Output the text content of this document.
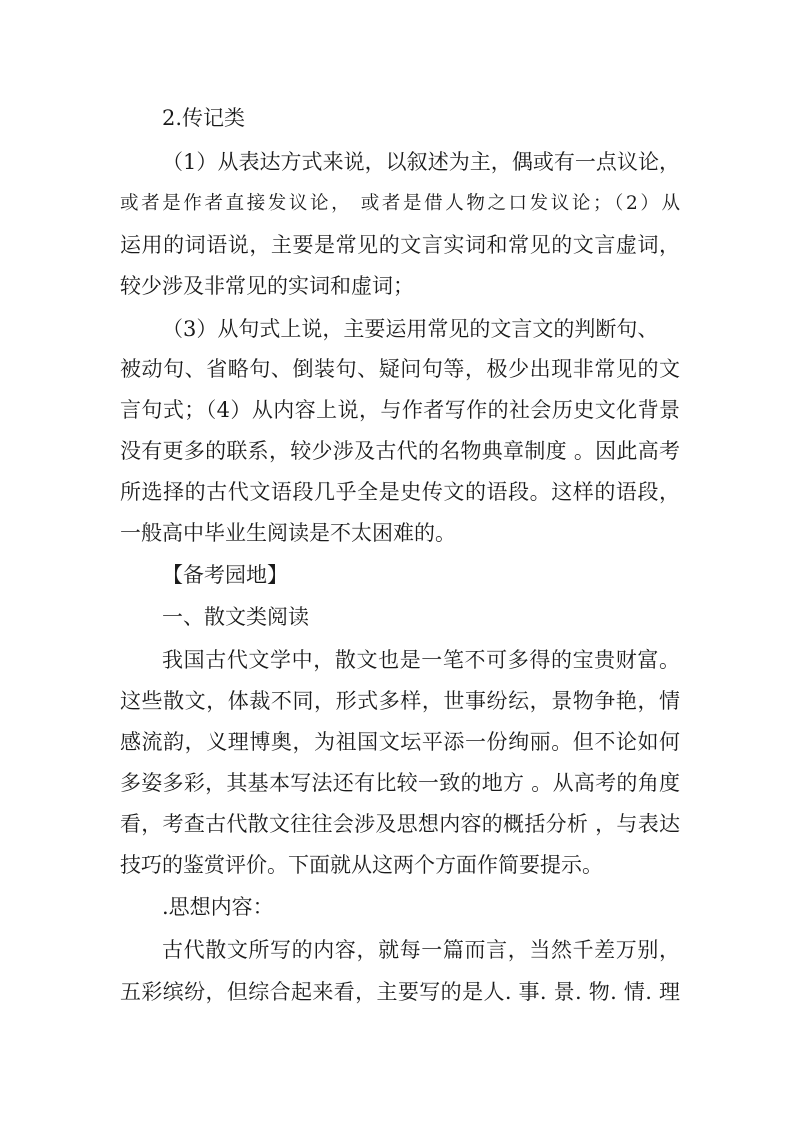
2.传记类
（1）从表达方式来说，以叙述为主，偶或有一点议论，
或者是作者直接发议论， 或者是借人物之口发议论；（2）从
运用的词语说，主要是常见的文言实词和常见的文言虚词，
较少涉及非常见的实词和虚词；
（3）从句式上说，主要运用常见的文言文的判断句、
被动句、省略句、倒装句、疑问句等，极少出现非常见的文
言句式；（4）从内容上说，与作者写作的社会历史文化背景
没有更多的联系，较少涉及古代的名物典章制度 。因此高考
所选择的古代文语段几乎全是史传文的语段。这样的语段，
一般高中毕业生阅读是不太困难的。
【备考园地】
一、散文类阅读
我国古代文学中，散文也是一笔不可多得的宝贵财富。
这些散文，体裁不同，形式多样，世事纷纭，景物争艳，情
感流韵，义理博奥，为祖国文坛平添一份绚丽。但不论如何
多姿多彩，其基本写法还有比较一致的地方 。从高考的角度
看，考查古代散文往往会涉及思想内容的概括分析 ，与表达
技巧的鉴赏评价。下面就从这两个方面作简要提示。
.思想内容：
古代散文所写的内容，就每一篇而言，当然千差万别，
五彩缤纷，但综合起来看，主要写的是人. 事. 景. 物. 情. 理
